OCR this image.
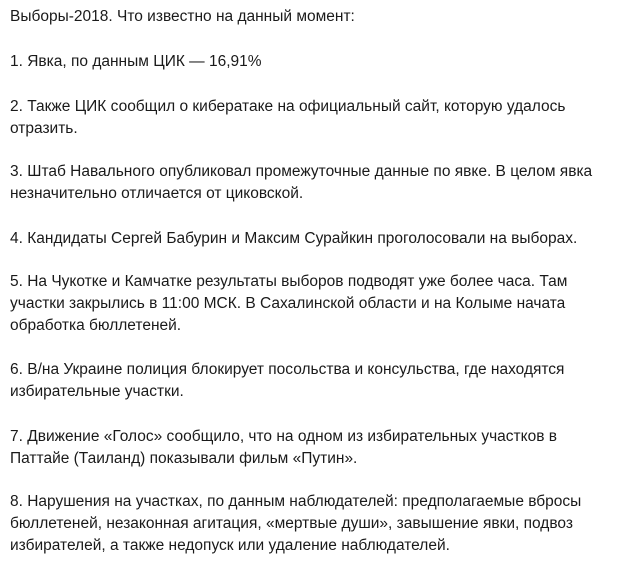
Выборы-2018. Что известно на данный момент:
1. Явка, по данным ЦИК — 16,91%
2. Также ЦИК сообщил о кибератаке на официальный сайт, которую удалось
отразить.
3. Штаб Навального опубликовал промежуточные данные по явке. В целом явка
незначительно отличается от циковской.
4. Кандидаты Сергей Бабурин и Максим Сурайкин проголосовали на выборах.
5. На Чукотке и Камчатке результаты выборов подводят уже более часа. Там
участки закрылись в 11:00 МСК. В Сахалинской области и на Колыме начата
обработка бюллетеней.
6. В/на Украине полиция блокирует посольства и консульства, где находятся
избирательные участки.
7. Движение «Голос» сообщило, что на одном из избирательных участков в
Паттайе (Таиланд) показывали фильм «Путин».
8. Нарушения на участках, по данным наблюдателей: предполагаемые вбросы
бюллетеней, незаконная агитация, «мертвые души», завышение явки, подвоз
избирателей, а также недопуск или удаление наблюдателей.
